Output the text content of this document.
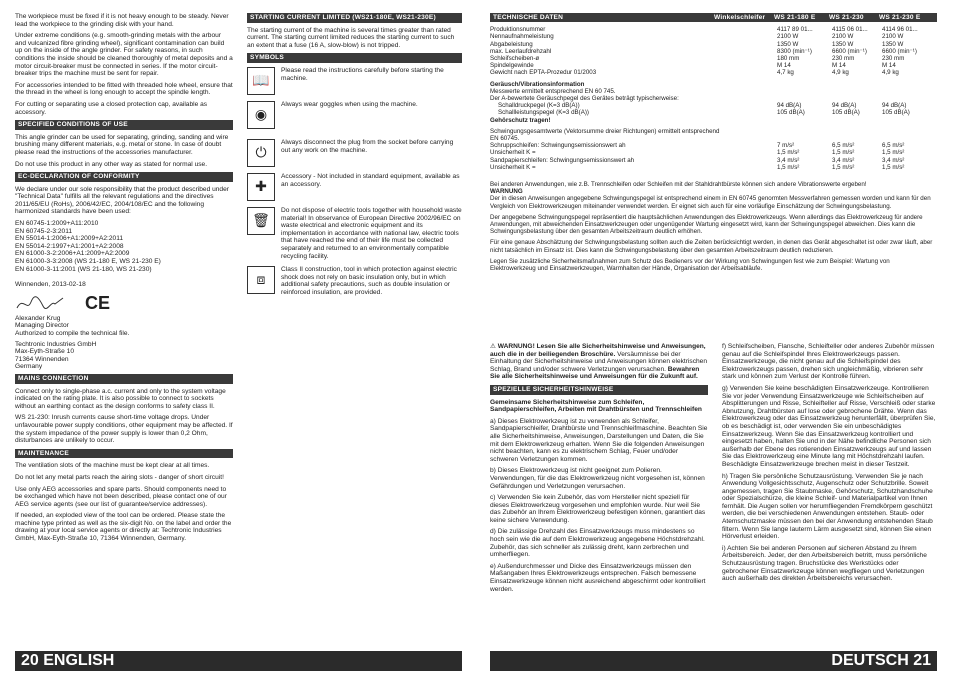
The workpiece must be fixed if it is not heavy enough to be steady. Never lead the workpiece to the grinding disk with your hand.

Under extreme conditions (e.g. smooth-grinding metals with the arbour and vulcanized fibre grinding wheel), significant contamination can build up on the inside of the angle grinder. For safety reasons, in such conditions the inside should be cleaned thoroughly of metal deposits and a motor circuit-breaker must be connected in series. If the motor circuit-breaker trips the machine must be sent for repair.

For accessories intended to be fitted with threaded hole wheel, ensure that the thread in the wheel is long enough to accept the spindle length.

For cutting or separating use a closed protection cap, available as accessory.

SPECIFIED CONDITIONS OF USE

This angle grinder can be used for separating, grinding, sanding and wire brushing many different materials, e.g. metal or stone. In case of doubt please read the instructions of the accessories manufacturer.

Do not use this product in any other way as stated for normal use.

EC-DECLARATION OF CONFORMITY

We declare under our sole responsibility that the product described under "Technical Data" fulfills all the relevant regulations and the directives 2011/65/EU (RoHs), 2006/42/EC, 2004/108/EC and the following harmonized standards have been used:

EN 60745-1:2009+A11:2010
EN 60745-2-3:2011
EN 55014-1:2006+A1:2009+A2:2011
EN 55014-2:1997+A1:2001+A2:2008
EN 61000-3-2:2006+A1:2009+A2:2009
EN 61000-3-3:2008 (WS 21-180 E, WS 21-230 E)
EN 61000-3-11:2001 (WS 21-180, WS 21-230)

Winnenden, 2013-02-18

CE
Alexander Krug
Managing Director
Authorized to compile the technical file.
Techtronic Industries GmbH
Max-Eyth-Straße 10
71364 Winnenden
Germany
MAINS CONNECTION

Connect only to single-phase a.c. current and only to the system voltage indicated on the rating plate. It is also possible to connect to sockets without an earthing contact as the design conforms to safety class II.

WS 21-230: Inrush currents cause short-time voltage drops. Under unfavourable power supply conditions, other equipment may be affected. If the system impedance of the power supply is lower than 0,2 Ohm, disturbances are unlikely to occur.

MAINTENANCE

The ventilation slots of the machine must be kept clear at all times.

Do not let any metal parts reach the airing slots - danger of short circuit!

Use only AEG accessories and spare parts. Should components need to be exchanged which have not been described, please contact one of our AEG service agents (see our list of guarantee/service addresses).

If needed, an exploded view of the tool can be ordered. Please state the machine type printed as well as the six-digit No. on the label and order the drawing at your local service agents or directly at: Techtronic Industries GmbH, Max-Eyth-Straße 10, 71364 Winnenden, Germany.

STARTING CURRENT LIMITED (WS21-180E, WS21-230E)

The starting current of the machine is several times greater than rated current. The starting current limited reduces the starting current to such an extent that a fuse (16 A, slow-blow) is not tripped.

SYMBOLS
📖
Please read the instructions carefully before starting the machine.
◉
Always wear goggles when using the machine.
⏻
Always disconnect the plug from the socket before carrying out any work on the machine.
✚
Accessory - Not included in standard equipment, available as an accessory.
🗑
Do not dispose of electric tools together with household waste material! In observance of European Directive 2002/96/EC on waste electrical and electronic equipment and its implementation in accordance with national law, electric tools that have reached the end of their life must be collected separately and returned to an environmentally compatible recycling facility.
⧈
Class II construction, tool in which protection against electric shock does not rely on basic insulation only, but in which additional safety precautions, such as double insulation or reinforced insulation, are provided.
20 ENGLISH
TECHNISCHE DATEN	Winkelschleifer	WS 21-180 E	WS 21-230	WS 21-230 E
Produktionsnummer	4117 89 01...	4115 06 01...	4114 96 01...
Nennaufnahmeleistung	2100 W	2100 W	2100 W
Abgabeleistung	1350 W	1350 W	1350 W
max. Leerlaufdrehzahl	8300 (min⁻¹)	6600 (min⁻¹)	6600 (min⁻¹)
Schleifscheiben-ø	180 mm	230 mm	230 mm
Spindelgewinde	M 14	M 14	M 14
Gewicht nach EPTA-Prozedur 01/2003	4,7 kg	4,9 kg	4,9 kg
Geräusch/Vibrationsinformation
Messwerte ermittelt entsprechend EN 60 745.
Der A-bewertete Geräuschpegel des Gerätes beträgt typischerweise:
Schalldruckpegel (K=3 dB(A))	94 dB(A)	94 dB(A)	94 dB(A)
Schallleistungspegel (K=3 dB(A))	105 dB(A)	105 dB(A)	105 dB(A)
Gehörschutz tragen!
Schwingungsgesamtwerte (Vektorsumme dreier Richtungen) ermittelt entsprechend EN 60745.
Schruppschleifen: Schwingungsemissionswert ah	7 m/s²	6,5 m/s²	6,5 m/s²
Unsicherheit K =	1,5 m/s²	1,5 m/s²	1,5 m/s²
Sandpapierschleifen: Schwingungsemissionswert ah	3,4 m/s²	3,4 m/s²	3,4 m/s²
Unsicherheit K =	1,5 m/s²	1,5 m/s²	1,5 m/s²

Bei anderen Anwendungen, wie z.B. Trennschleifen oder Schleifen mit der Stahldrahtbürste können sich andere Vibrationswerte ergeben!

WARNUNG

Der in diesen Anweisungen angegebene Schwingungspegel ist entsprechend einem in EN 60745 genormten Messverfahren gemessen worden und kann für den Vergleich von Elektrowerkzeugen miteinander verwendet werden. Er eignet sich auch für eine vorläufige Einschätzung der Schwingungsbelastung.

Der angegebene Schwingungspegel repräsentiert die hauptsächlichen Anwendungen des Elektrowerkzeugs. Wenn allerdings das Elektrowerkzeug für andere Anwendungen, mit abweichenden Einsatzwerkzeugen oder ungenügender Wartung eingesetzt wird, kann der Schwingungspegel abweichen. Dies kann die Schwingungsbelastung über den gesamten Arbeitszeitraum deutlich erhöhen.

Für eine genaue Abschätzung der Schwingungsbelastung sollten auch die Zeiten berücksichtigt werden, in denen das Gerät abgeschaltet ist oder zwar läuft, aber nicht tatsächlich im Einsatz ist. Dies kann die Schwingungsbelastung über den gesamten Arbeitszeitraum deutlich reduzieren.

Legen Sie zusätzliche Sicherheitsmaßnahmen zum Schutz des Bedieners vor der Wirkung von Schwingungen fest wie zum Beispiel: Wartung von Elektrowerkzeug und Einsatzwerkzeugen, Warmhalten der Hände, Organisation der Arbeitsabläufe.

⚠ WARNUNG! Lesen Sie alle Sicherheitshinweise und Anweisungen, auch die in der beiliegenden Broschüre. Versäumnisse bei der Einhaltung der Sicherheitshinweise und Anweisungen können elektrischen Schlag, Brand und/oder schwere Verletzungen verursachen. Bewahren Sie alle Sicherheitshinweise und Anweisungen für die Zukunft auf.

SPEZIELLE SICHERHEITSHINWEISE

Gemeinsame Sicherheitshinweise zum Schleifen, Sandpapierschleifen, Arbeiten mit Drahtbürsten und Trennschleifen

a) Dieses Elektrowerkzeug ist zu verwenden als Schleifer, Sandpapierschleifer, Drahtbürste und Trennschleifmaschine. Beachten Sie alle Sicherheitshinweise, Anweisungen, Darstellungen und Daten, die Sie mit dem Elektrowerkzeug erhalten. Wenn Sie die folgenden Anweisungen nicht beachten, kann es zu elektrischem Schlag, Feuer und/oder schweren Verletzungen kommen.

b) Dieses Elektrowerkzeug ist nicht geeignet zum Polieren. Verwendungen, für die das Elektrowerkzeug nicht vorgesehen ist, können Gefährdungen und Verletzungen verursachen.

c) Verwenden Sie kein Zubehör, das vom Hersteller nicht speziell für dieses Elektrowerkzeug vorgesehen und empfohlen wurde. Nur weil Sie das Zubehör an Ihrem Elektrowerkzeug befestigen können, garantiert das keine sichere Verwendung.

d) Die zulässige Drehzahl des Einsatzwerkzeugs muss mindestens so hoch sein wie die auf dem Elektrowerkzeug angegebene Höchstdrehzahl. Zubehör, das sich schneller als zulässig dreht, kann zerbrechen und umherfliegen.

e) Außendurchmesser und Dicke des Einsatzwerkzeugs müssen den Maßangaben Ihres Elektrowerkzeugs entsprechen. Falsch bemessene Einsatzwerkzeuge können nicht ausreichend abgeschirmt oder kontrolliert werden.

f) Schleifscheiben, Flansche, Schleifteller oder anderes Zubehör müssen genau auf die Schleifspindel Ihres Elektrowerkzeugs passen. Einsatzwerkzeuge, die nicht genau auf die Schleifspindel des Elektrowerkzeugs passen, drehen sich ungleichmäßig, vibrieren sehr stark und können zum Verlust der Kontrolle führen.

g) Verwenden Sie keine beschädigten Einsatzwerkzeuge. Kontrollieren Sie vor jeder Verwendung Einsatzwerkzeuge wie Schleifscheiben auf Absplitterungen und Risse, Schleifteller auf Risse, Verschleiß oder starke Abnutzung, Drahtbürsten auf lose oder gebrochene Drähte. Wenn das Elektrowerkzeug oder das Einsatzwerkzeug herunterfällt, überprüfen Sie, ob es beschädigt ist, oder verwenden Sie ein unbeschädigtes Einsatzwerkzeug. Wenn Sie das Einsatzwerkzeug kontrolliert und eingesetzt haben, halten Sie und in der Nähe befindliche Personen sich außerhalb der Ebene des rotierenden Einsatzwerkzeugs auf und lassen Sie das Elektrowerkzeug eine Minute lang mit Höchstdrehzahl laufen. Beschädigte Einsatzwerkzeuge brechen meist in dieser Testzeit.

h) Tragen Sie persönliche Schutzausrüstung. Verwenden Sie je nach Anwendung Vollgesichtsschutz, Augenschutz oder Schutzbrille. Soweit angemessen, tragen Sie Staubmaske, Gehörschutz, Schutzhandschuhe oder Spezialschürze, die kleine Schleif- und Materialpartikel von Ihnen fernhält. Die Augen sollen vor herumfliegenden Fremdkörpern geschützt werden, die bei verschiedenen Anwendungen entstehen. Staub- oder Atemschutzmaske müssen den bei der Anwendung entstehenden Staub filtern. Wenn Sie lange lauterm Lärm ausgesetzt sind, können Sie einen Hörverlust erleiden.

i) Achten Sie bei anderen Personen auf sicheren Abstand zu Ihrem Arbeitsbereich. Jeder, der den Arbeitsbereich betritt, muss persönliche Schutzausrüstung tragen. Bruchstücke des Werkstücks oder gebrochener Einsatzwerkzeuge können wegfliegen und Verletzungen auch außerhalb des direkten Arbeitsbereichs verursachen.

DEUTSCH 21
